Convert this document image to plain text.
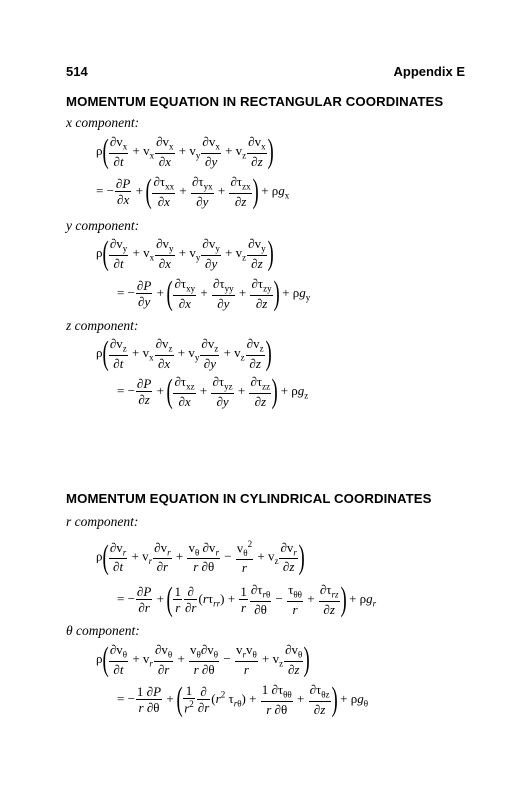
514	Appendix E
MOMENTUM EQUATION IN RECTANGULAR COORDINATES
x component:
$\rho( \frac{\partial v_x}{\partial t} + v_x \frac{\partial v_x}{\partial x} + v_y \frac{\partial v_x}{\partial y} + v_z \frac{\partial v_x}{\partial z}$ )
= − $\frac{\partial P}{\partial x}$ + ( $\frac{\partial\tau_{xx}}{\partial x} + \frac{\partial\tau_{yx}}{\partial y} + \frac{\partial\tau_{zx}}{\partial z}$ ) + $\rho g_x$
y component:
$\rho( \frac{\partial v_y}{\partial t} + v_x \frac{\partial v_y}{\partial x} + v_y \frac{\partial v_y}{\partial y} + v_z \frac{\partial v_y}{\partial z}$ )
= − $\frac{\partial P}{\partial y}$ + ( $\frac{\partial\tau_{xy}}{\partial x} + \frac{\partial\tau_{yy}}{\partial y} + \frac{\partial\tau_{zy}}{\partial z}$ ) + $\rho g_y$
z component:
$\rho( \frac{\partial v_z}{\partial t} + v_x \frac{\partial v_z}{\partial x} + v_y \frac{\partial v_z}{\partial y} + v_z \frac{\partial v_z}{\partial z}$ )
= − $\frac{\partial P}{\partial z}$ + ( $\frac{\partial\tau_{xz}}{\partial x} + \frac{\partial\tau_{yz}}{\partial y} + \frac{\partial\tau_{zz}}{\partial z}$ ) + $\rho g_z$
MOMENTUM EQUATION IN CYLINDRICAL COORDINATES
r component:
$\rho( \frac{\partial v_r}{\partial t} + v_r \frac{\partial v_r}{\partial r} + \frac{v_\theta \partial v_r}{r \partial\theta} - \frac{v_\theta^2}{r} + v_z \frac{\partial v_r}{\partial z}$ )
= − $\frac{\partial P}{\partial r}$ + ( $\frac{1}{r} \frac{\partial}{\partial r} (r\tau_{rr}) + \frac{1}{r} \frac{\partial\tau_{r\theta}}{\partial\theta} - \frac{\tau_{\theta\theta}}{r} + \frac{\partial\tau_{rz}}{\partial z}$ ) + $\rho g_r$
θ component:
$\rho( \frac{\partial v_\theta}{\partial t} + v_r \frac{\partial v_\theta}{\partial r} + \frac{v_\theta\partial v_\theta}{r \partial\theta} - \frac{v_rv_\theta}{r} + v_z \frac{\partial v_\theta}{\partial z}$ )
= − $\frac{1 \partial P}{r \partial\theta}$ + ( $\frac{1}{r^2} \frac{\partial}{\partial r} (r^2$ $\tau_{r\theta}) + \frac{1 \partial\tau_{\theta\theta}}{r \partial\theta} + \frac{\partial\tau_{\theta z}}{\partial z}$ ) + $\rho g_\theta$
